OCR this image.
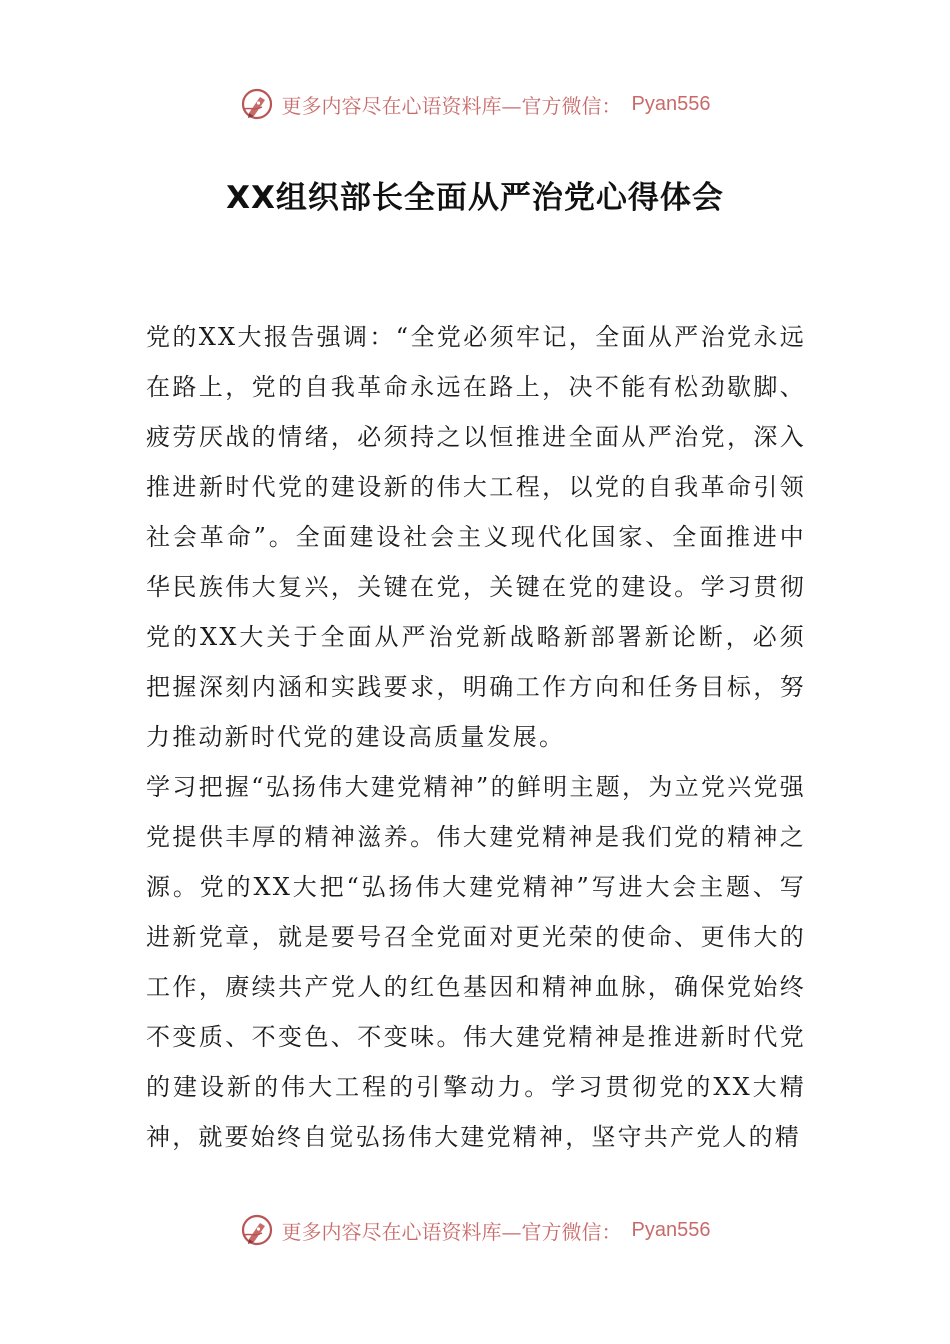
更多内容尽在心语资料库—官方微信： Pyan556
XX组织部长全面从严治党心得体会

党的XX大报告强调：“全党必须牢记，全面从严治党永远在路上，党的自我革命永远在路上，决不能有松劲歇脚、疲劳厌战的情绪，必须持之以恒推进全面从严治党，深入推进新时代党的建设新的伟大工程，以党的自我革命引领社会革命”。全面建设社会主义现代化国家、全面推进中华民族伟大复兴，关键在党，关键在党的建设。学习贯彻党的XX大关于全面从严治党新战略新部署新论断，必须把握深刻内涵和实践要求，明确工作方向和任务目标，努力推动新时代党的建设高质量发展。

学习把握“弘扬伟大建党精神”的鲜明主题，为立党兴党强党提供丰厚的精神滋养。伟大建党精神是我们党的精神之源。党的XX大把“弘扬伟大建党精神”写进大会主题、写进新党章，就是要号召全党面对更光荣的使命、更伟大的工作，赓续共产党人的红色基因和精神血脉，确保党始终不变质、不变色、不变味。伟大建党精神是推进新时代党的建设新的伟大工程的引擎动力。学习贯彻党的XX大精神，就要始终自觉弘扬伟大建党精神，坚守共产党人的精

更多内容尽在心语资料库—官方微信： Pyan556
